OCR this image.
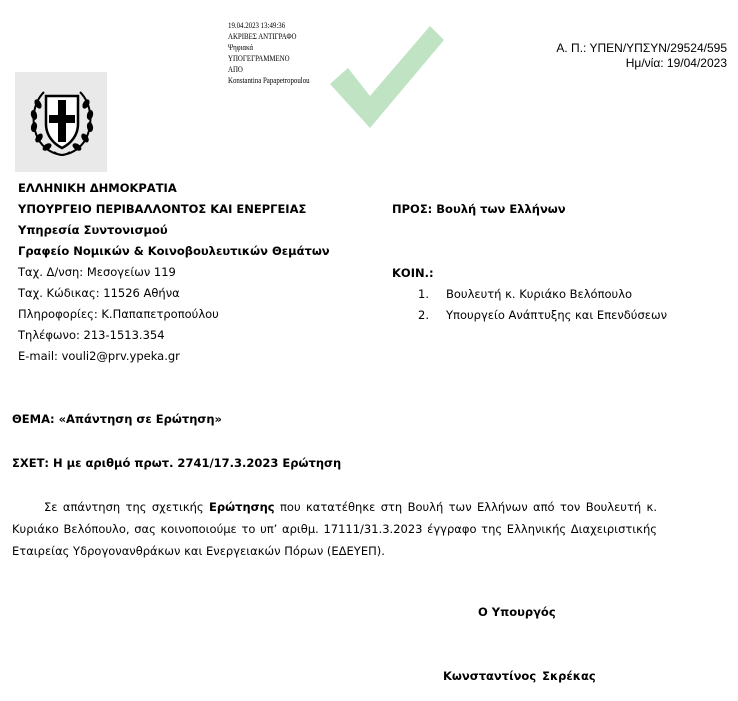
19.04.2023 13:49:36
ΑΚΡΙΒΕΣ ΑΝΤΙΓΡΑΦΟ
Ψηφιακά
ΥΠΟΓΕΓΡΑΜΜΕΝΟ
ΑΠΟ
Konstantina Papapetropoulou
Α. Π.: ΥΠΕΝ/ΥΠΣΥΝ/29524/595
Ημ/νία: 19/04/2023
ΕΛΛΗΝΙΚΗ ΔΗΜΟΚΡΑΤΙΑ
ΥΠΟΥΡΓΕΙΟ ΠΕΡΙΒΑΛΛΟΝΤΟΣ ΚΑΙ ΕΝΕΡΓΕΙΑΣ
Υπηρεσία Συντονισμού
Γραφείο Νομικών & Κοινοβουλευτικών Θεμάτων
Ταχ. Δ/νση: Μεσογείων 119
Ταχ. Κώδικας: 11526 Αθήνα
Πληροφορίες: Κ.Παπαπετροπούλου
Τηλέφωνο: 213-1513.354
E-mail: vouli2@prv.ypeka.gr
ΠΡΟΣ: Βουλή των Ελλήνων
ΚΟΙΝ.:
1. Βουλευτή κ. Κυριάκο Βελόπουλο
2. Υπουργείο Ανάπτυξης και Επενδύσεων
ΘΕΜΑ: «Απάντηση σε Ερώτηση»
ΣΧΕΤ: Η με αριθμό πρωτ. 2741/17.3.2023 Ερώτηση
Σε απάντηση της σχετικής Ερώτησης που κατατέθηκε στη Βουλή των Ελλήνων από τον Βουλευτή κ. Κυριάκο Βελόπουλο, σας κοινοποιούμε το υπ’ αριθμ. 17111/31.3.2023 έγγραφο της Ελληνικής Διαχειριστικής Εταιρείας Υδρογονανθράκων και Ενεργειακών Πόρων (ΕΔΕΥΕΠ).
Ο Υπουργός
Κωνσταντίνος Σκρέκας
